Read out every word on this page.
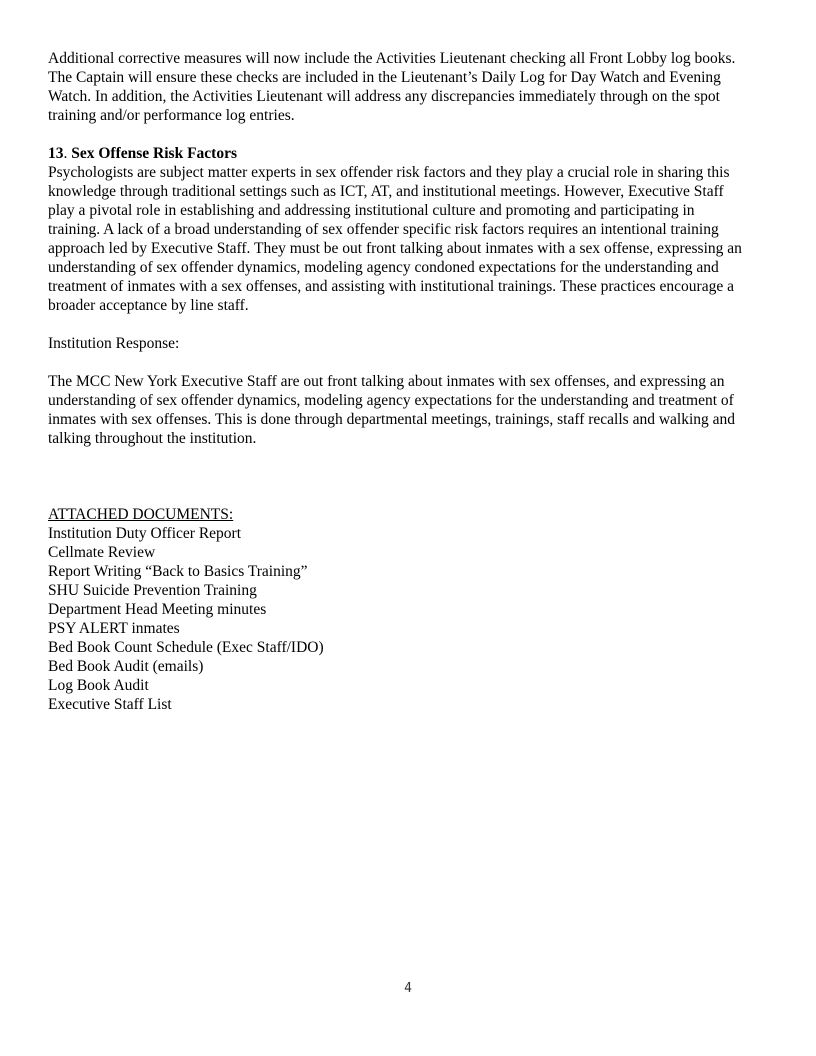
Additional corrective measures will now include the Activities Lieutenant checking all Front Lobby log books.
The Captain will ensure these checks are included in the Lieutenant’s Daily Log for Day Watch and Evening
Watch. In addition, the Activities Lieutenant will address any discrepancies immediately through on the spot
training and/or performance log entries.
13. Sex Offense Risk Factors
Psychologists are subject matter experts in sex offender risk factors and they play a crucial role in sharing this
knowledge through traditional settings such as ICT, AT, and institutional meetings. However, Executive Staff
play a pivotal role in establishing and addressing institutional culture and promoting and participating in
training. A lack of a broad understanding of sex offender specific risk factors requires an intentional training
approach led by Executive Staff. They must be out front talking about inmates with a sex offense, expressing an
understanding of sex offender dynamics, modeling agency condoned expectations for the understanding and
treatment of inmates with a sex offenses, and assisting with institutional trainings. These practices encourage a
broader acceptance by line staff.
Institution Response:
The MCC New York Executive Staff are out front talking about inmates with sex offenses, and expressing an
understanding of sex offender dynamics, modeling agency expectations for the understanding and treatment of
inmates with sex offenses. This is done through departmental meetings, trainings, staff recalls and walking and
talking throughout the institution.
ATTACHED DOCUMENTS:
Institution Duty Officer Report
Cellmate Review
Report Writing “Back to Basics Training”
SHU Suicide Prevention Training
Department Head Meeting minutes
PSY ALERT inmates
Bed Book Count Schedule (Exec Staff/IDO)
Bed Book Audit (emails)
Log Book Audit
Executive Staff List
4
